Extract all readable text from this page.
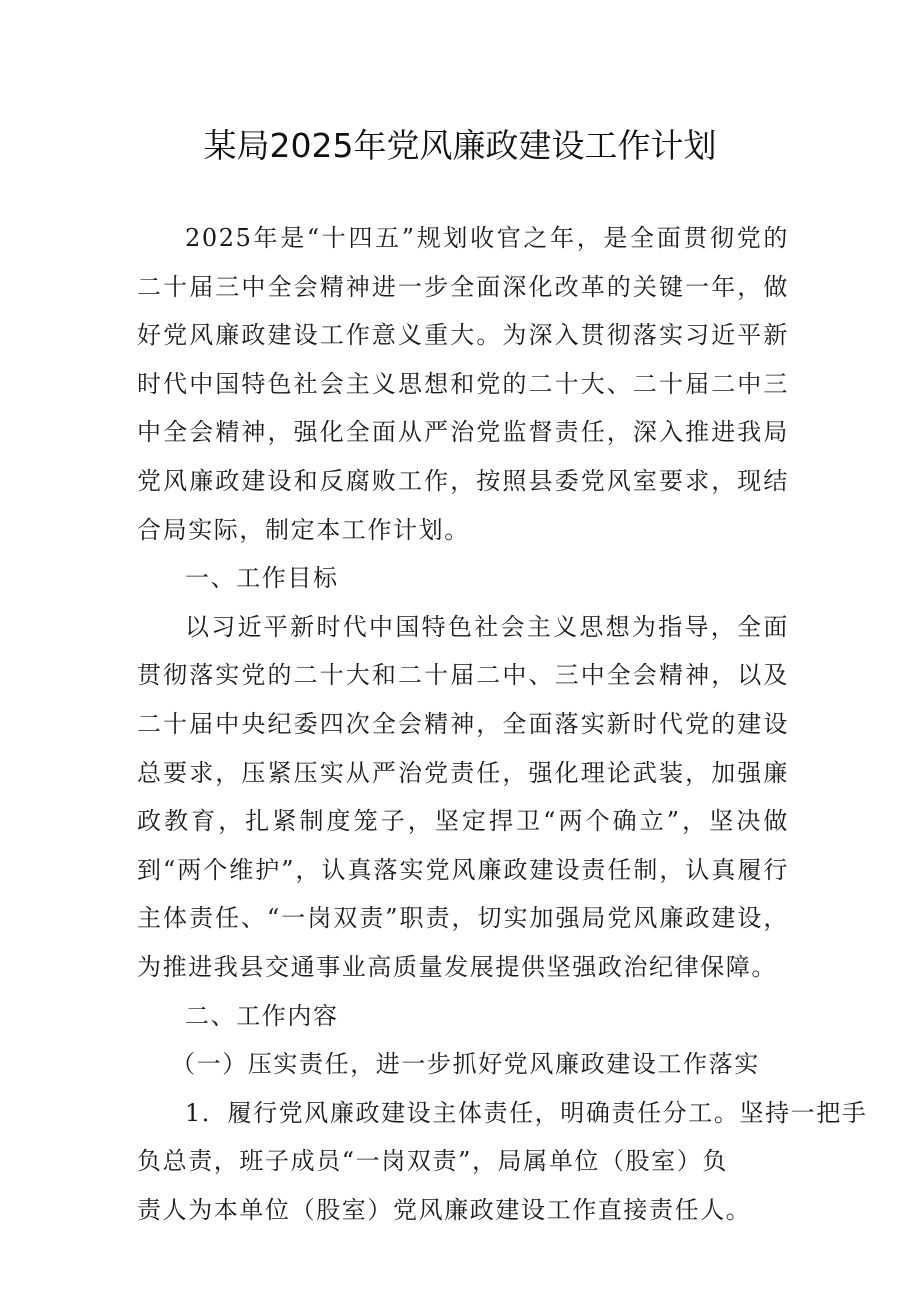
某局2025年党风廉政建设工作计划

2025年是“十四五”规划收官之年，是全面贯彻党的二十届三中全会精神进一步全面深化改革的关键一年，做好党风廉政建设工作意义重大。为深入贯彻落实习近平新时代中国特色社会主义思想和党的二十大、二十届二中三中全会精神，强化全面从严治党监督责任，深入推进我局党风廉政建设和反腐败工作，按照县委党风室要求，现结合局实际，制定本工作计划。

一、工作目标

以习近平新时代中国特色社会主义思想为指导，全面贯彻落实党的二十大和二十届二中、三中全会精神，以及二十届中央纪委四次全会精神，全面落实新时代党的建设总要求，压紧压实从严治党责任，强化理论武装，加强廉政教育，扎紧制度笼子，坚定捍卫“两个确立”，坚决做到“两个维护”，认真落实党风廉政建设责任制，认真履行主体责任、“一岗双责”职责，切实加强局党风廉政建设，为推进我县交通事业高质量发展提供坚强政治纪律保障。

二、工作内容

（一）压实责任，进一步抓好党风廉政建设工作落实

1．履行党风廉政建设主体责任，明确责任分工。坚持一把手
负总责，班子成员“一岗双责”，局属单位（股室）负
责人为本单位（股室）党风廉政建设工作直接责任人。
